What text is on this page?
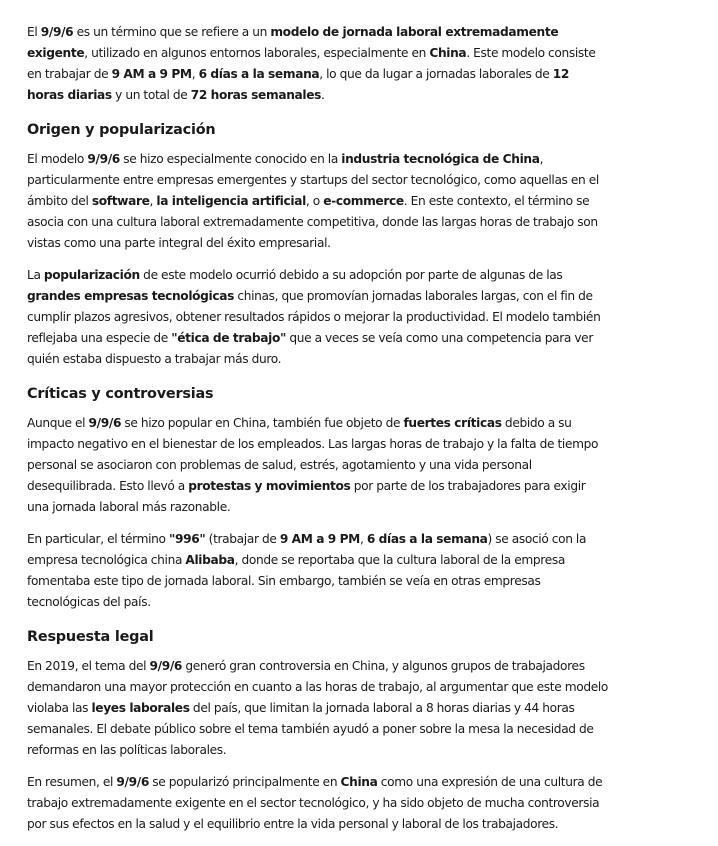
El 9/9/6 es un término que se refiere a un modelo de jornada laboral extremadamente exigente, utilizado en algunos entornos laborales, especialmente en China. Este modelo consiste en trabajar de 9 AM a 9 PM, 6 días a la semana, lo que da lugar a jornadas laborales de 12 horas diarias y un total de 72 horas semanales.

Origen y popularización

El modelo 9/9/6 se hizo especialmente conocido en la industria tecnológica de China, particularmente entre empresas emergentes y startups del sector tecnológico, como aquellas en el ámbito del software, la inteligencia artificial, o e-commerce. En este contexto, el término se asocia con una cultura laboral extremadamente competitiva, donde las largas horas de trabajo son vistas como una parte integral del éxito empresarial.

La popularización de este modelo ocurrió debido a su adopción por parte de algunas de las grandes empresas tecnológicas chinas, que promovían jornadas laborales largas, con el fin de cumplir plazos agresivos, obtener resultados rápidos o mejorar la productividad. El modelo también reflejaba una especie de "ética de trabajo" que a veces se veía como una competencia para ver quién estaba dispuesto a trabajar más duro.

Críticas y controversias

Aunque el 9/9/6 se hizo popular en China, también fue objeto de fuertes críticas debido a su impacto negativo en el bienestar de los empleados. Las largas horas de trabajo y la falta de tiempo personal se asociaron con problemas de salud, estrés, agotamiento y una vida personal desequilibrada. Esto llevó a protestas y movimientos por parte de los trabajadores para exigir una jornada laboral más razonable.

En particular, el término "996" (trabajar de 9 AM a 9 PM, 6 días a la semana) se asoció con la empresa tecnológica china Alibaba, donde se reportaba que la cultura laboral de la empresa fomentaba este tipo de jornada laboral. Sin embargo, también se veía en otras empresas tecnológicas del país.

Respuesta legal

En 2019, el tema del 9/9/6 generó gran controversia en China, y algunos grupos de trabajadores demandaron una mayor protección en cuanto a las horas de trabajo, al argumentar que este modelo violaba las leyes laborales del país, que limitan la jornada laboral a 8 horas diarias y 44 horas semanales. El debate público sobre el tema también ayudó a poner sobre la mesa la necesidad de reformas en las políticas laborales.

En resumen, el 9/9/6 se popularizó principalmente en China como una expresión de una cultura de trabajo extremadamente exigente en el sector tecnológico, y ha sido objeto de mucha controversia por sus efectos en la salud y el equilibrio entre la vida personal y laboral de los trabajadores.
